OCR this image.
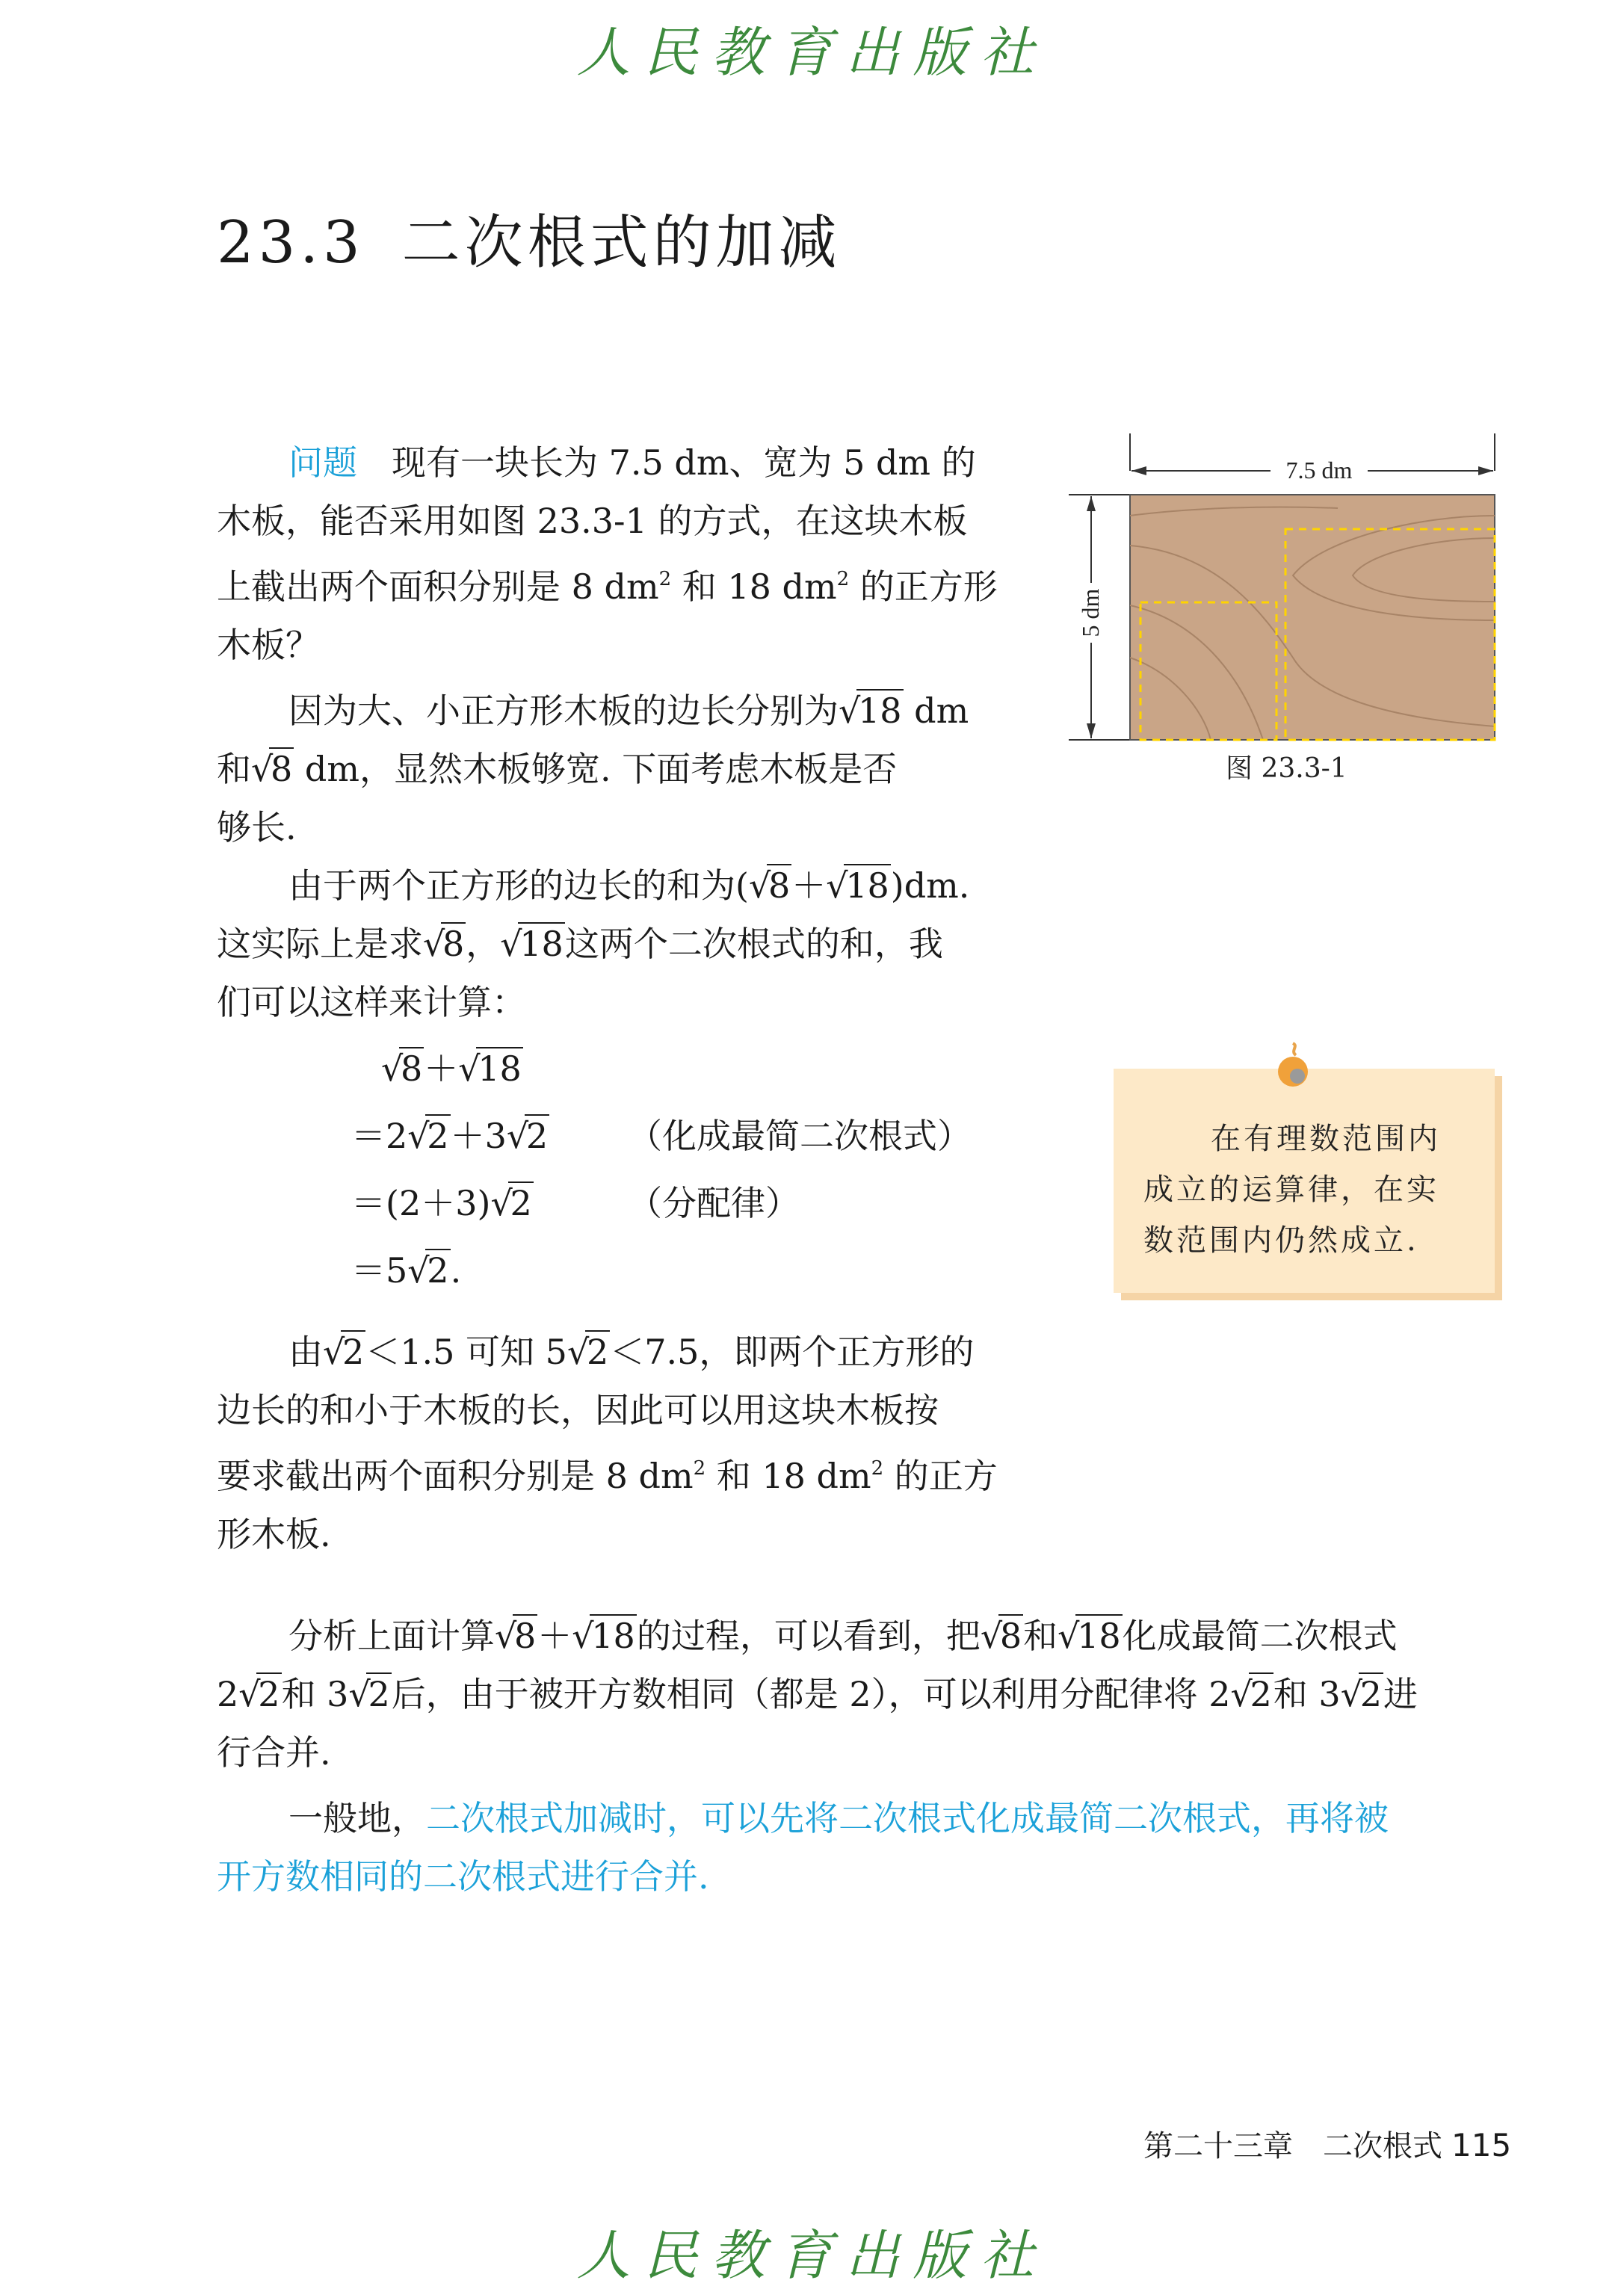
人民教育出版社
23.3 二次根式的加减

问题　 现有一块长为 7.5 dm、宽为 5 dm 的

木板，能否采用如图 23.3-1 的方式，在这块木板

上截出两个面积分别是 8 $dm^2$ 和 18 $dm^2$ 的正方形

木板？

因为大、小正方形木板的边长分别为 √ 18 dm

和 √ 8 dm，显然木板够宽. 下面考虑木板是否

够长.

由于两个正方形的边长的和为( √ 8＋ √ 18)dm.

这实际上是求 √ 8， √ 18这两个二次根式的和，我

们可以这样来计算：

√ 8＋ √ 18
＝2 √ 2＋3 √ 2 （化成最简二次根式）
＝(2＋3) √ 2	（分配律）
＝5 √ 2.

由 √ 2＜1.5 可知 5 √ 2＜7.5，即两个正方形的

边长的和小于木板的长，因此可以用这块木板按

要求截出两个面积分别是 8 $dm^2$ 和 18 $dm^2$ 的正方

形木板.

分析上面计算 √ 8＋ √ 18的过程，可以看到，把 √ 8和 √ 18化成最简二次根式

2 √ 2和 3 √ 2后，由于被开方数相同（都是 2），可以利用分配律将 2 √ 2和 3 √ 2进

行合并.

一般地，二次根式加减时，可以先将二次根式化成最简二次根式，再将被

开方数相同的二次根式进行合并.

7.5 dm
5 dm
图 23.3-1

在有理数范围内

成立的运算律，在实

数范围内仍然成立.

第二十三章　二次根式 115
人民教育出版社
